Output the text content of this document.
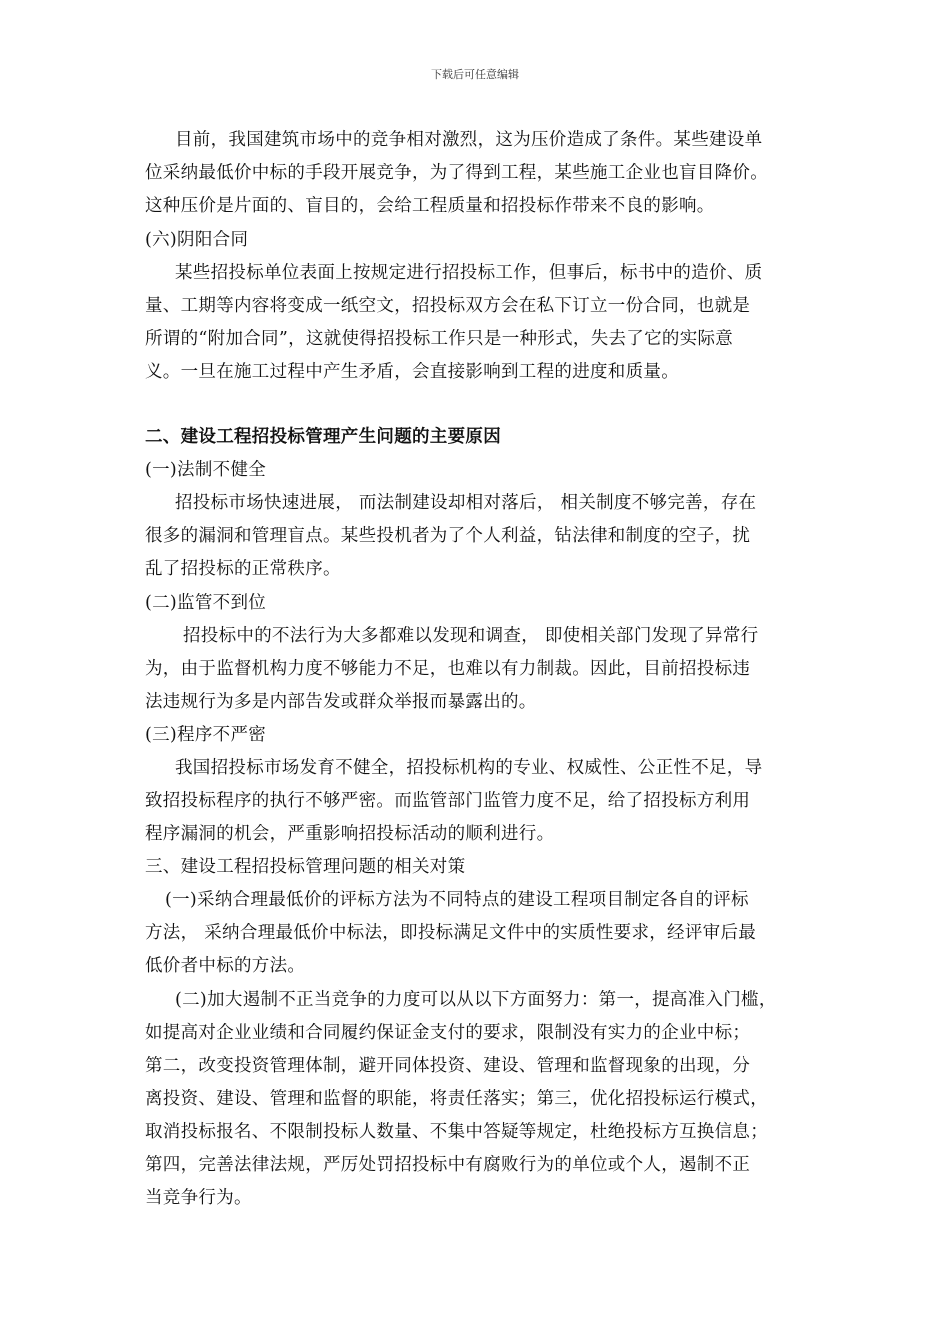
下载后可任意编辑
目前，我国建筑市场中的竞争相对激烈，这为压价造成了条件。某些建设单
位采纳最低价中标的手段开展竞争，为了得到工程，某些施工企业也盲目降价。
这种压价是片面的、盲目的，会给工程质量和招投标作带来不良的影响。
(六)阴阳合同
某些招投标单位表面上按规定进行招投标工作，但事后，标书中的造价、质
量、工期等内容将变成一纸空文，招投标双方会在私下订立一份合同，也就是
所谓的“附加合同”，这就使得招投标工作只是一种形式，失去了它的实际意
义。一旦在施工过程中产生矛盾，会直接影响到工程的进度和质量。
二、建设工程招投标管理产生问题的主要原因
(一)法制不健全
招投标市场快速进展， 而法制建设却相对落后， 相关制度不够完善，存在
很多的漏洞和管理盲点。某些投机者为了个人利益，钻法律和制度的空子，扰
乱了招投标的正常秩序。
(二)监管不到位
招投标中的不法行为大多都难以发现和调查， 即使相关部门发现了异常行
为，由于监督机构力度不够能力不足，也难以有力制裁。因此，目前招投标违
法违规行为多是内部告发或群众举报而暴露出的。
(三)程序不严密
我国招投标市场发育不健全，招投标机构的专业、权威性、公正性不足，导
致招投标程序的执行不够严密。而监管部门监管力度不足，给了招投标方利用
程序漏洞的机会，严重影响招投标活动的顺利进行。
三、建设工程招投标管理问题的相关对策
(一)采纳合理最低价的评标方法为不同特点的建设工程项目制定各自的评标
方法， 采纳合理最低价中标法，即投标满足文件中的实质性要求，经评审后最
低价者中标的方法。
(二)加大遏制不正当竞争的力度可以从以下方面努力：第一，提高准入门槛，
如提高对企业业绩和合同履约保证金支付的要求，限制没有实力的企业中标；
第二，改变投资管理体制，避开同体投资、建设、管理和监督现象的出现，分
离投资、建设、管理和监督的职能，将责任落实；第三，优化招投标运行模式，
取消投标报名、不限制投标人数量、不集中答疑等规定，杜绝投标方互换信息；
第四，完善法律法规，严厉处罚招投标中有腐败行为的单位或个人，遏制不正
当竞争行为。
